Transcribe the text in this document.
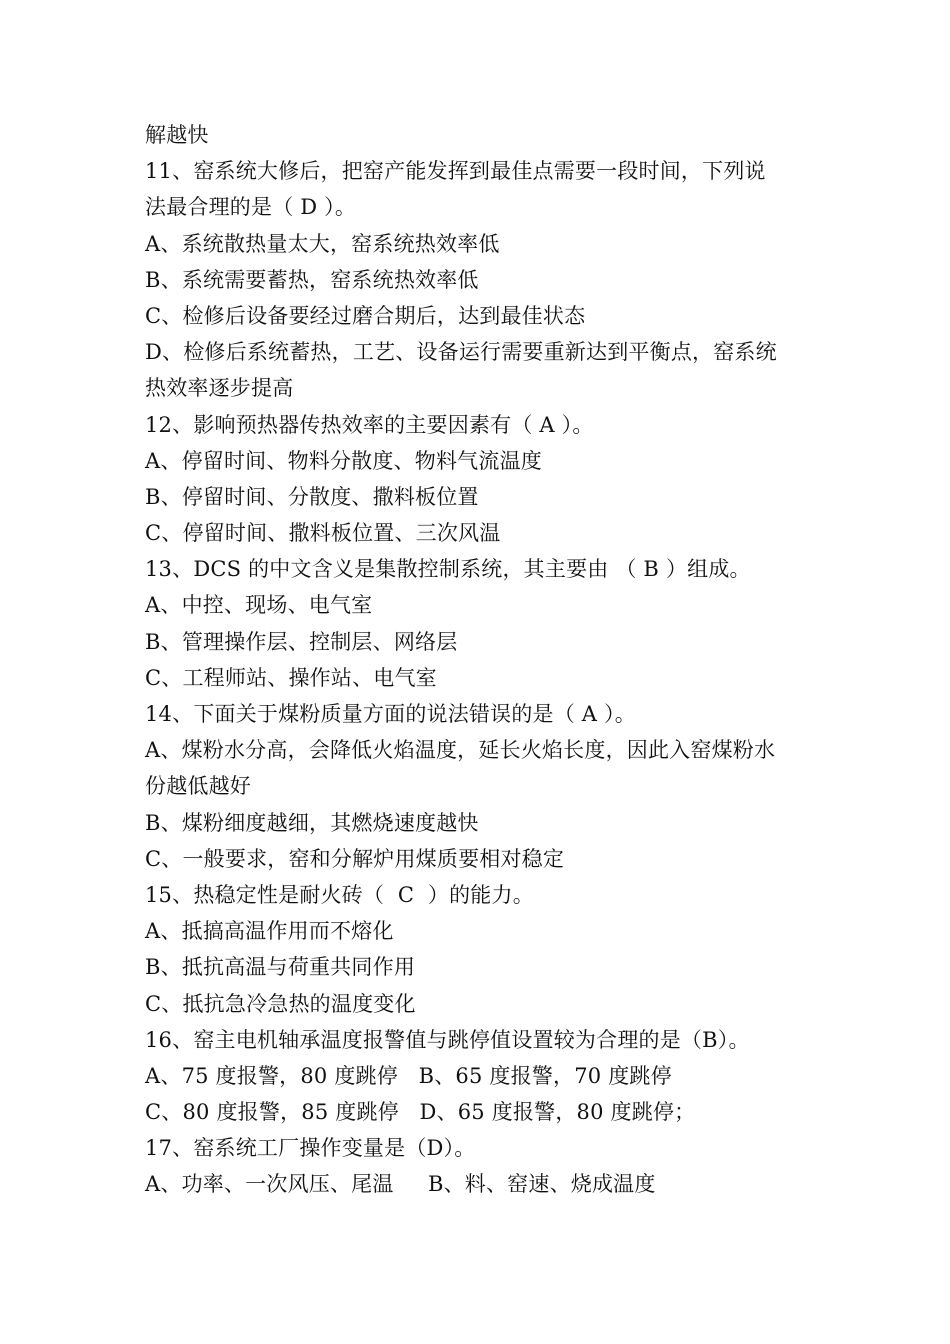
解越快
11、窑系统大修后，把窑产能发挥到最佳点需要一段时间，下列说
法最合理的是（ D ）。
A、系统散热量太大，窑系统热效率低
B、系统需要蓄热，窑系统热效率低
C、检修后设备要经过磨合期后，达到最佳状态
D、检修后系统蓄热，工艺、设备运行需要重新达到平衡点，窑系统
热效率逐步提高
12、影响预热器传热效率的主要因素有（ A ）。
A、停留时间、物料分散度、物料气流温度
B、停留时间、分散度、撒料板位置
C、停留时间、撒料板位置、三次风温
13、DCS 的中文含义是集散控制系统，其主要由 （ B ）组成。
A、中控、现场、电气室
B、管理操作层、控制层、网络层
C、工程师站、操作站、电气室
14、下面关于煤粉质量方面的说法错误的是（ A ）。
A、煤粉水分高，会降低火焰温度，延长火焰长度，因此入窑煤粉水
份越低越好
B、煤粉细度越细，其燃烧速度越快
C、一般要求，窑和分解炉用煤质要相对稳定
15、热稳定性是耐火砖（  C  ）的能力。
A、抵搞高温作用而不熔化
B、抵抗高温与荷重共同作用
C、抵抗急冷急热的温度变化
16、窑主电机轴承温度报警值与跳停值设置较为合理的是（B）。
A、75 度报警，80 度跳停   B、65 度报警，70 度跳停
C、80 度报警，85 度跳停   D、65 度报警，80 度跳停；
17、窑系统工厂操作变量是（D）。
A、功率、一次风压、尾温     B、料、窑速、烧成温度
